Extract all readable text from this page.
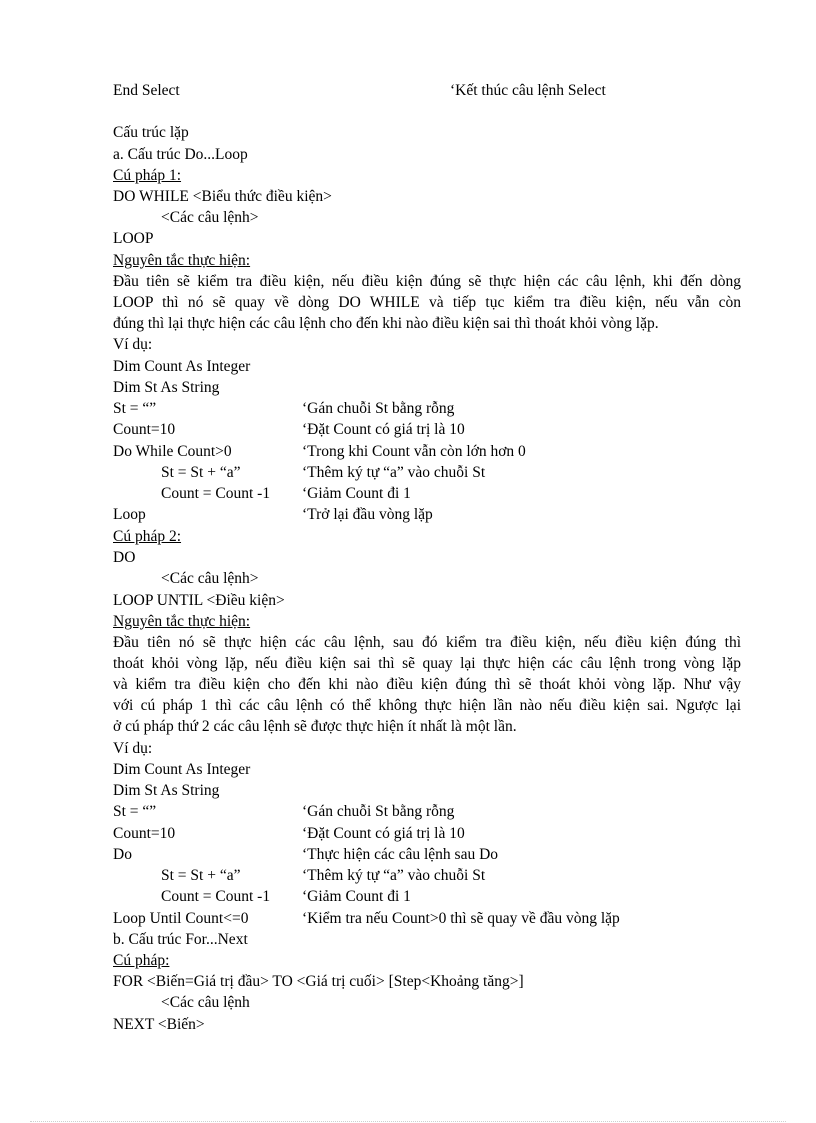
End Select	‘Kết thúc câu lệnh Select
Cấu trúc lặp
a. Cấu trúc Do...Loop
Cú pháp 1:
DO WHILE <Biểu thức điều kiện>
<Các câu lệnh>
LOOP
Nguyên tắc thực hiện:
Đầu tiên sẽ kiểm tra điều kiện, nếu điều kiện đúng sẽ thực hiện các câu lệnh, khi đến dòng
LOOP thì nó sẽ quay về dòng DO WHILE và tiếp tục kiểm tra điều kiện, nếu vẫn còn
đúng thì lại thực hiện các câu lệnh cho đến khi nào điều kiện sai thì thoát khỏi vòng lặp.
Ví dụ:
Dim Count As Integer
Dim St As String
St = “”	‘Gán chuỗi St bằng rỗng
Count=10	‘Đặt Count có giá trị là 10
Do While Count>0	‘Trong khi Count vẫn còn lớn hơn 0
St = St + “a”	‘Thêm ký tự “a” vào chuỗi St
Count = Count -1 ‘Giảm Count đi 1
Loop	‘Trở lại đầu vòng lặp
Cú pháp 2:
DO
<Các câu lệnh>
LOOP UNTIL <Điều kiện>
Nguyên tắc thực hiện:
Đầu tiên nó sẽ thực hiện các câu lệnh, sau đó kiểm tra điều kiện, nếu điều kiện đúng thì
thoát khỏi vòng lặp, nếu điều kiện sai thì sẽ quay lại thực hiện các câu lệnh trong vòng lặp
và kiểm tra điều kiện cho đến khi nào điều kiện đúng thì sẽ thoát khỏi vòng lặp. Như vậy
với cú pháp 1 thì các câu lệnh có thể không thực hiện lần nào nếu điều kiện sai. Ngược lại
ở cú pháp thứ 2 các câu lệnh sẽ được thực hiện ít nhất là một lần.
Ví dụ:
Dim Count As Integer
Dim St As String
St = “”	‘Gán chuỗi St bằng rỗng
Count=10	‘Đặt Count có giá trị là 10
Do	‘Thực hiện các câu lệnh sau Do
St = St + “a”	‘Thêm ký tự “a” vào chuỗi St
Count = Count -1 ‘Giảm Count đi 1
Loop Until Count<=0	‘Kiểm tra nếu Count>0 thì sẽ quay về đầu vòng lặp
b. Cấu trúc For...Next
Cú pháp:
FOR <Biến=Giá trị đầu> TO <Giá trị cuối> [Step<Khoảng tăng>]
<Các câu lệnh
NEXT <Biến>
